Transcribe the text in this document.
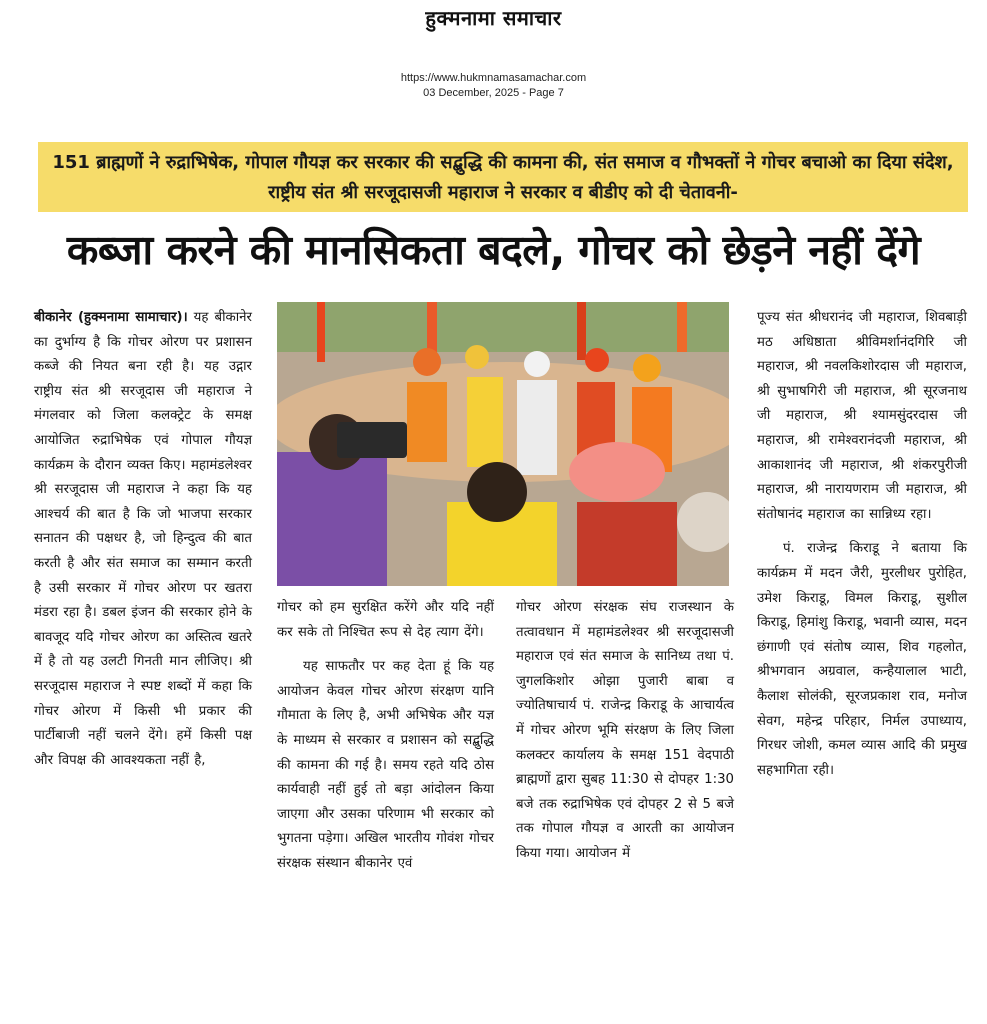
हुक्मनामा समाचार
https://www.hukmnamasamachar.com
03 December, 2025 - Page 7
151 ब्राह्मणों ने रुद्राभिषेक, गोपाल गौयज्ञ कर सरकार की सद्बुद्धि की कामना की, संत समाज व गौभक्तों ने गोचर बचाओ का दिया संदेश, राष्ट्रीय संत श्री सरजूदासजी महाराज ने सरकार व बीडीए को दी चेतावनी-
कब्जा करने की मानसिकता बदले, गोचर को छेड़ने नहीं देंगे

बीकानेर (हुक्मनामा सामाचार)। यह बीकानेर का दुर्भाग्य है कि गोचर ओरण पर प्रशासन कब्जे की नियत बना रही है। यह उद्गार राष्ट्रीय संत श्री सरजूदास जी महाराज ने मंगलवार को जिला कलक्ट्रेट के समक्ष आयोजित रुद्राभिषेक एवं गोपाल गौयज्ञ कार्यक्रम के दौरान व्यक्त किए। महामंडलेश्वर श्री सरजूदास जी महाराज ने कहा कि यह आश्चर्य की बात है कि जो भाजपा सरकार सनातन की पक्षधर है, जो हिन्दुत्व की बात करती है और संत समाज का सम्मान करती है उसी सरकार में गोचर ओरण पर खतरा मंडरा रहा है। डबल इंजन की सरकार होने के बावजूद यदि गोचर ओरण का अस्तित्व खतरे में है तो यह उलटी गिनती मान लीजिए। श्री सरजूदास महाराज ने स्पष्ट शब्दों में कहा कि गोचर ओरण में किसी भी प्रकार की पार्टीबाजी नहीं चलने देंगे। हमें किसी पक्ष और विपक्ष की आवश्यकता नहीं है,

गोचर को हम सुरक्षित करेंगे और यदि नहीं कर सके तो निश्चित रूप से देह त्याग देंगे।

यह साफतौर पर कह देता हूं कि यह आयोजन केवल गोचर ओरण संरक्षण यानि गौमाता के लिए है, अभी अभिषेक और यज्ञ के माध्यम से सरकार व प्रशासन को सद्बुद्धि की कामना की गई है। समय रहते यदि ठोस कार्यवाही नहीं हुई तो बड़ा आंदोलन किया जाएगा और उसका परिणाम भी सरकार को भुगतना पड़ेगा। अखिल भारतीय गोवंश गोचर संरक्षक संस्थान बीकानेर एवं

गोचर ओरण संरक्षक संघ राजस्थान के तत्वावधान में महामंडलेश्वर श्री सरजूदासजी महाराज एवं संत समाज के सानिध्य तथा पं. जुगलकिशोर ओझा पुजारी बाबा व ज्योतिषाचार्य पं. राजेन्द्र किराडू के आचार्यत्व में गोचर ओरण भूमि संरक्षण के लिए जिला कलक्टर कार्यालय के समक्ष 151 वेदपाठी ब्राह्मणों द्वारा सुबह 11:30 से दोपहर 1:30 बजे तक रुद्राभिषेक एवं दोपहर 2 से 5 बजे तक गोपाल गौयज्ञ व आरती का आयोजन किया गया। आयोजन में

पूज्य संत श्रीधरानंद जी महाराज, शिवबाड़ी मठ अधिष्ठाता श्रीविमर्शानंदगिरि जी महाराज, श्री नवलकिशोरदास जी महाराज, श्री सुभाषगिरी जी महाराज, श्री सूरजनाथ जी महाराज, श्री श्यामसुंदरदास जी महाराज, श्री रामेश्वरानंदजी महाराज, श्री आकाशानंद जी महाराज, श्री शंकरपुरीजी महाराज, श्री नारायणराम जी महाराज, श्री संतोषानंद महाराज का सान्निध्य रहा।

पं. राजेन्द्र किराडू ने बताया कि कार्यक्रम में मदन जैरी, मुरलीधर पुरोहित, उमेश किराडू, विमल किराडू, सुशील किराडू, हिमांशु किराडू, भवानी व्यास, मदन छंगाणी एवं संतोष व्यास, शिव गहलोत, श्रीभगवान अग्रवाल, कन्हैयालाल भाटी, कैलाश सोलंकी, सूरजप्रकाश राव, मनोज सेवग, महेन्द्र परिहार, निर्मल उपाध्याय, गिरधर जोशी, कमल व्यास आदि की प्रमुख सहभागिता रही।
